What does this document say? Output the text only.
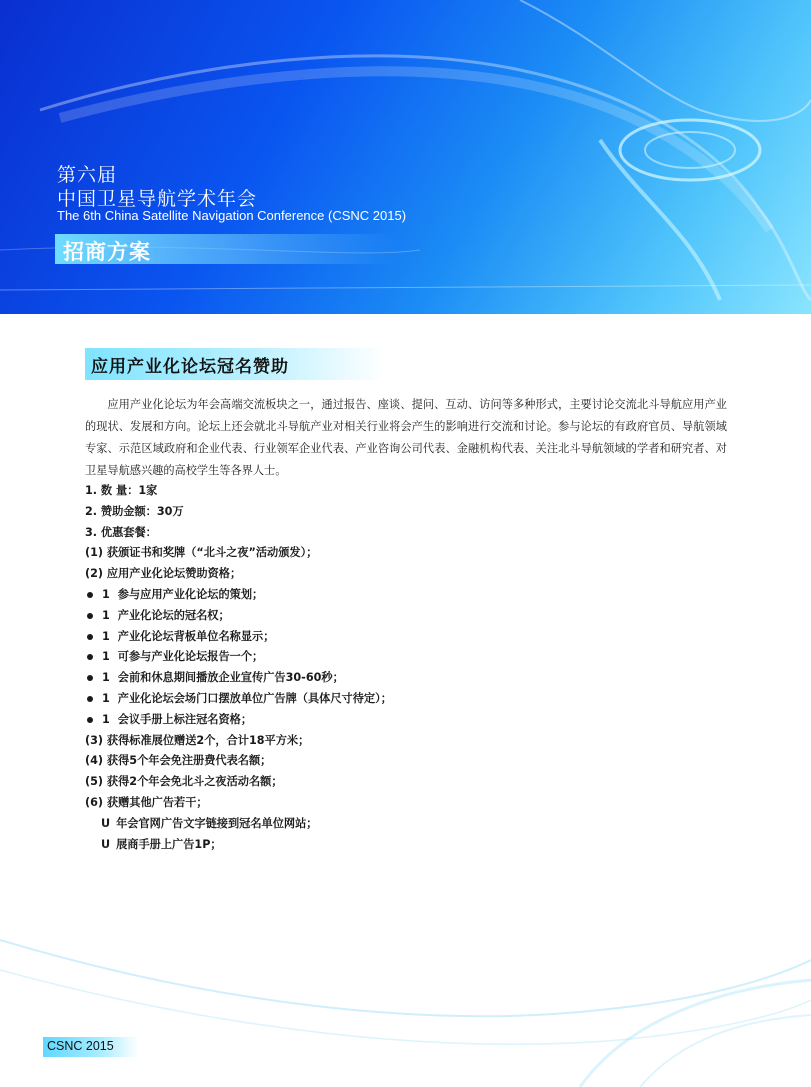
第六届
中国卫星导航学术年会
The 6th China Satellite Navigation Conference (CSNC 2015)
招商方案
应用产业化论坛冠名赞助

应用产业化论坛为年会高端交流板块之一，通过报告、座谈、提问、互动、访问等多种形式，主要讨论交流北斗导航应用产业的现状、发展和方向。论坛上还会就北斗导航产业对相关行业将会产生的影响进行交流和讨论。参与论坛的有政府官员、导航领域专家、示范区域政府和企业代表、行业领军企业代表、产业咨询公司代表、金融机构代表、关注北斗导航领域的学者和研究者、对卫星导航感兴趣的高校学生等各界人士。

1. 数 量：1家
2. 赞助金额：30万
3. 优惠套餐：
(1) 获颁证书和奖牌（“北斗之夜”活动颁发）；
(2) 应用产业化论坛赞助资格；
1 参与应用产业化论坛的策划；
1 产业化论坛的冠名权；
1 产业化论坛背板单位名称显示；
1 可参与产业化论坛报告一个；
1 会前和休息期间播放企业宣传广告30-60秒；
1 产业化论坛会场门口摆放单位广告牌（具体尺寸待定）；
1 会议手册上标注冠名资格；
(3) 获得标准展位赠送2个，合计18平方米；
(4) 获得5个年会免注册费代表名额；
(5) 获得2个年会免北斗之夜活动名额；
(6) 获赠其他广告若干；
U 年会官网广告文字链接到冠名单位网站；
U 展商手册上广告1P；
CSNC 2015
